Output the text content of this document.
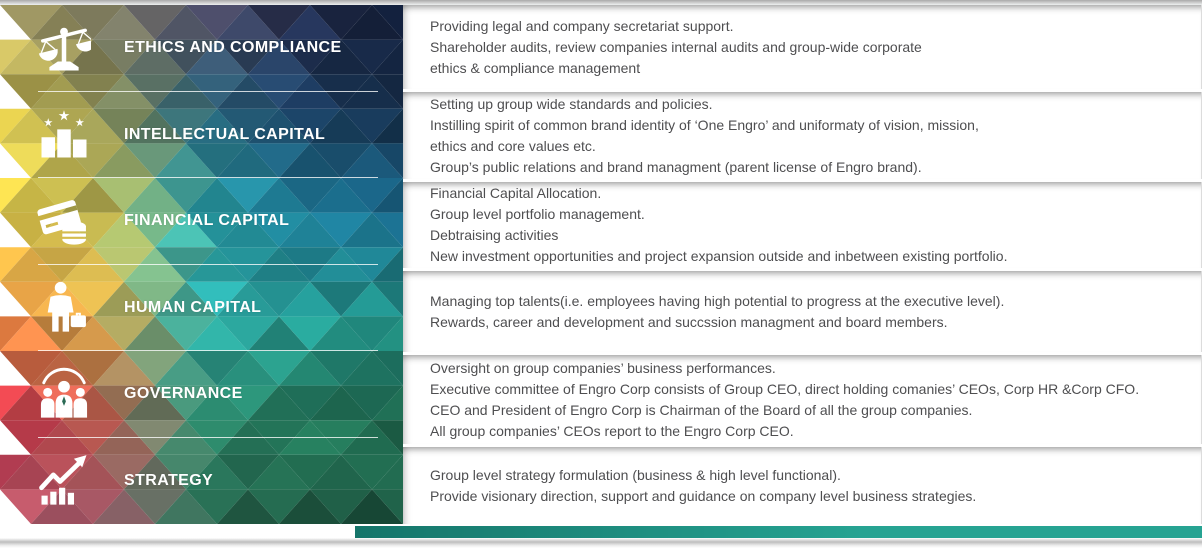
ETHICS AND COMPLIANCE
INTELLECTUAL CAPITAL
FINANCIAL CAPITAL
HUMAN CAPITAL
GOVERNANCE
STRATEGY
Providing legal and company secretariat support.
Shareholder audits, review companies internal audits and group-wide corporate
ethics & compliance management
Setting up group wide standards and policies.
Instilling spirit of common brand identity of ‘One Engro’ and uniformaty of vision, mission,
ethics and core values etc.
Group’s public relations and brand managment (parent license of Engro brand).
Financial Capital Allocation.
Group level portfolio management.
Debtraising activities
New investment opportunities and project expansion outside and inbetween existing portfolio.
Managing top talents(i.e. employees having high potential to progress at the executive level).
Rewards, career and development and succssion managment and board members.
Oversight on group companies’ business performances.
Executive committee of Engro Corp consists of Group CEO, direct holding comanies’ CEOs, Corp HR &Corp CFO.
CEO and President of Engro Corp is Chairman of the Board of all the group companies.
All group companies’ CEOs report to the Engro Corp CEO.
Group level strategy formulation (business & high level functional).
Provide visionary direction, support and guidance on company level business strategies.
